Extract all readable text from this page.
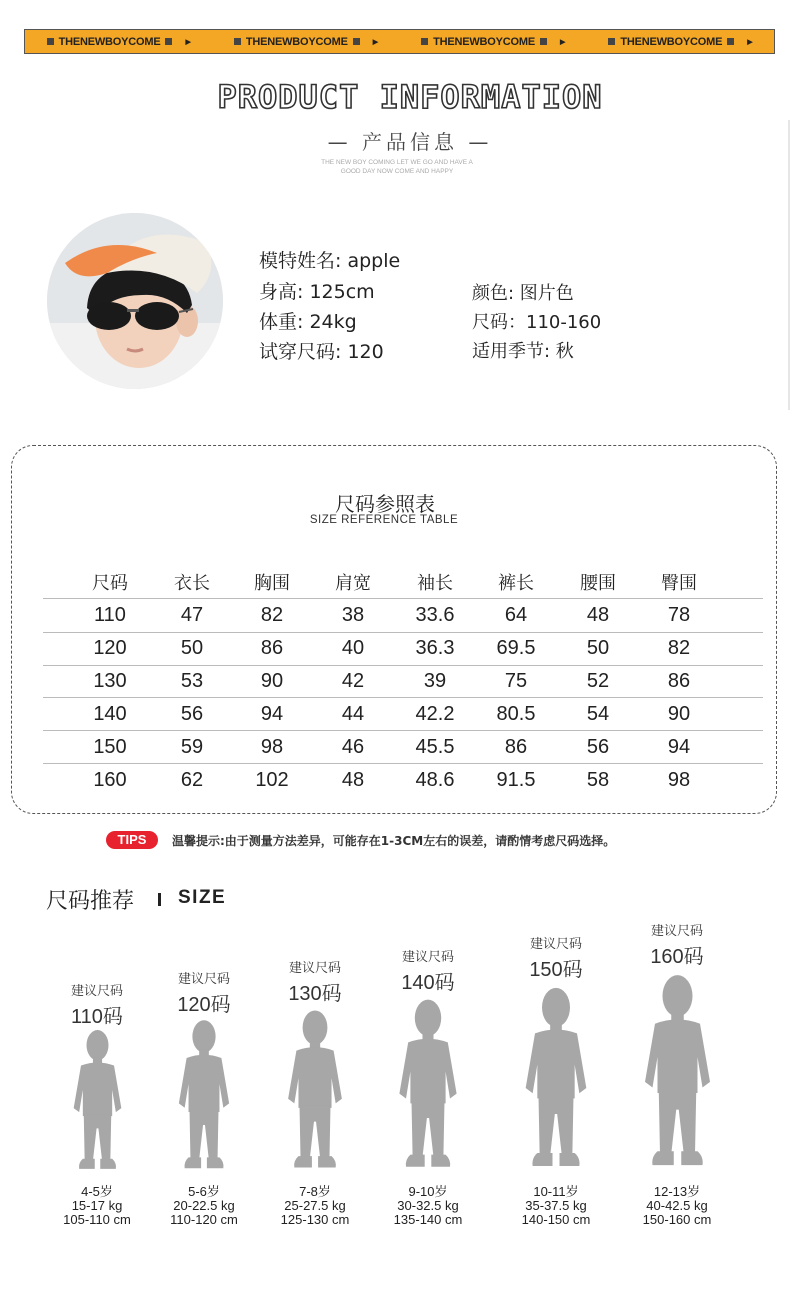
THENEWBOYCOME	▶	THENEWBOYCOME	▶	THENEWBOYCOME	▶	THENEWBOYCOME	▶
PRODUCT INFORMATION
— 产品信息 —
THE NEW BOY COMING LET WE GO AND HAVE A
GOOD DAY NOW COME AND HAPPY
模特姓名: apple
身高: 125cm
体重: 24kg
试穿尺码: 120
颜色: 图片色
尺码：110-160
适用季节: 秋
尺码参照表
SIZE REFERENCE TABLE
尺码	衣长	胸围	肩宽	袖长	裤长	腰围	臀围
110	47	82	38	33.6	64	48	78
120	50	86	40	36.3	69.5	50	82
130	53	90	42	39	75	52	86
140	56	94	44	42.2	80.5	54	90
150	59	98	46	45.5	86	56	94
160	62	102	48	48.6	91.5	58	98
TIPS	温馨提示:由于测量方法差异，可能存在1-3CM左右的误差，请酌情考虑尺码选择。
尺码推荐 SIZE
建议尺码
110码
4-5岁
15-17 kg
105-110 cm
建议尺码
120码
5-6岁
20-22.5 kg
110-120 cm
建议尺码
130码
7-8岁
25-27.5 kg
125-130 cm
建议尺码
140码
9-10岁
30-32.5 kg
135-140 cm
建议尺码
150码
10-11岁
35-37.5 kg
140-150 cm
建议尺码
160码
12-13岁
40-42.5 kg
150-160 cm
